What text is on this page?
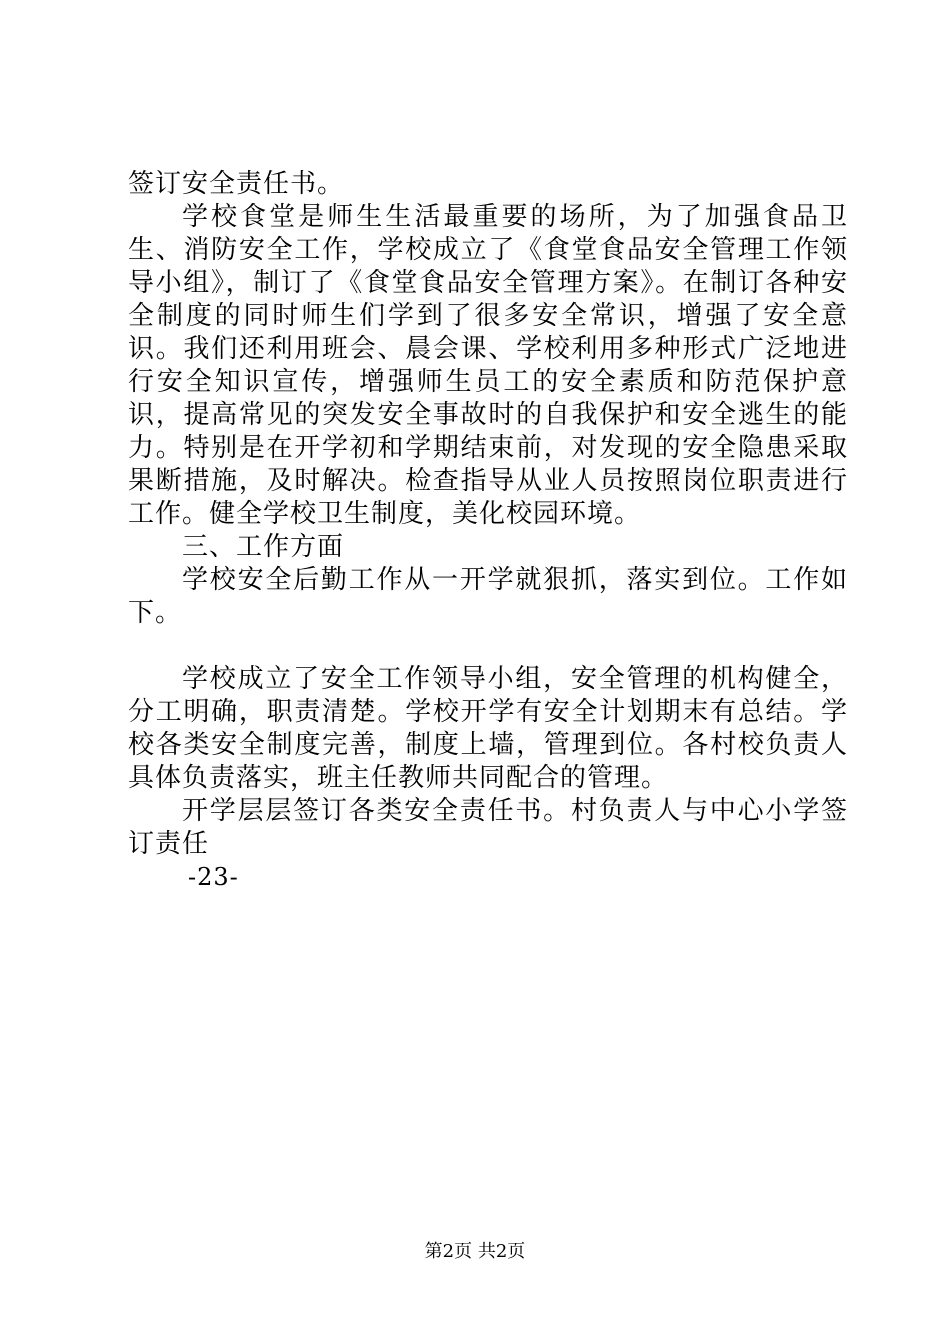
签订安全责任书。

学校食堂是师生生活最重要的场所，为了加强食品卫生、消防安全工作，学校成立了《食堂食品安全管理工作领导小组》，制订了《食堂食品安全管理方案》。在制订各种安全制度的同时师生们学到了很多安全常识，增强了安全意识。我们还利用班会、晨会课、学校利用多种形式广泛地进行安全知识宣传，增强师生员工的安全素质和防范保护意识，提高常见的突发安全事故时的自我保护和安全逃生的能力。特别是在开学初和学期结束前，对发现的安全隐患采取果断措施，及时解决。检查指导从业人员按照岗位职责进行工作。健全学校卫生制度，美化校园环境。

三、工作方面

学校安全后勤工作从一开学就狠抓，落实到位。工作如下。

学校成立了安全工作领导小组，安全管理的机构健全，分工明确，职责清楚。学校开学有安全计划期末有总结。学校各类安全制度完善，制度上墙，管理到位。各村校负责人具体负责落实，班主任教师共同配合的管理。

开学层层签订各类安全责任书。村负责人与中心小学签订责任

-23-
第2页 共2页
